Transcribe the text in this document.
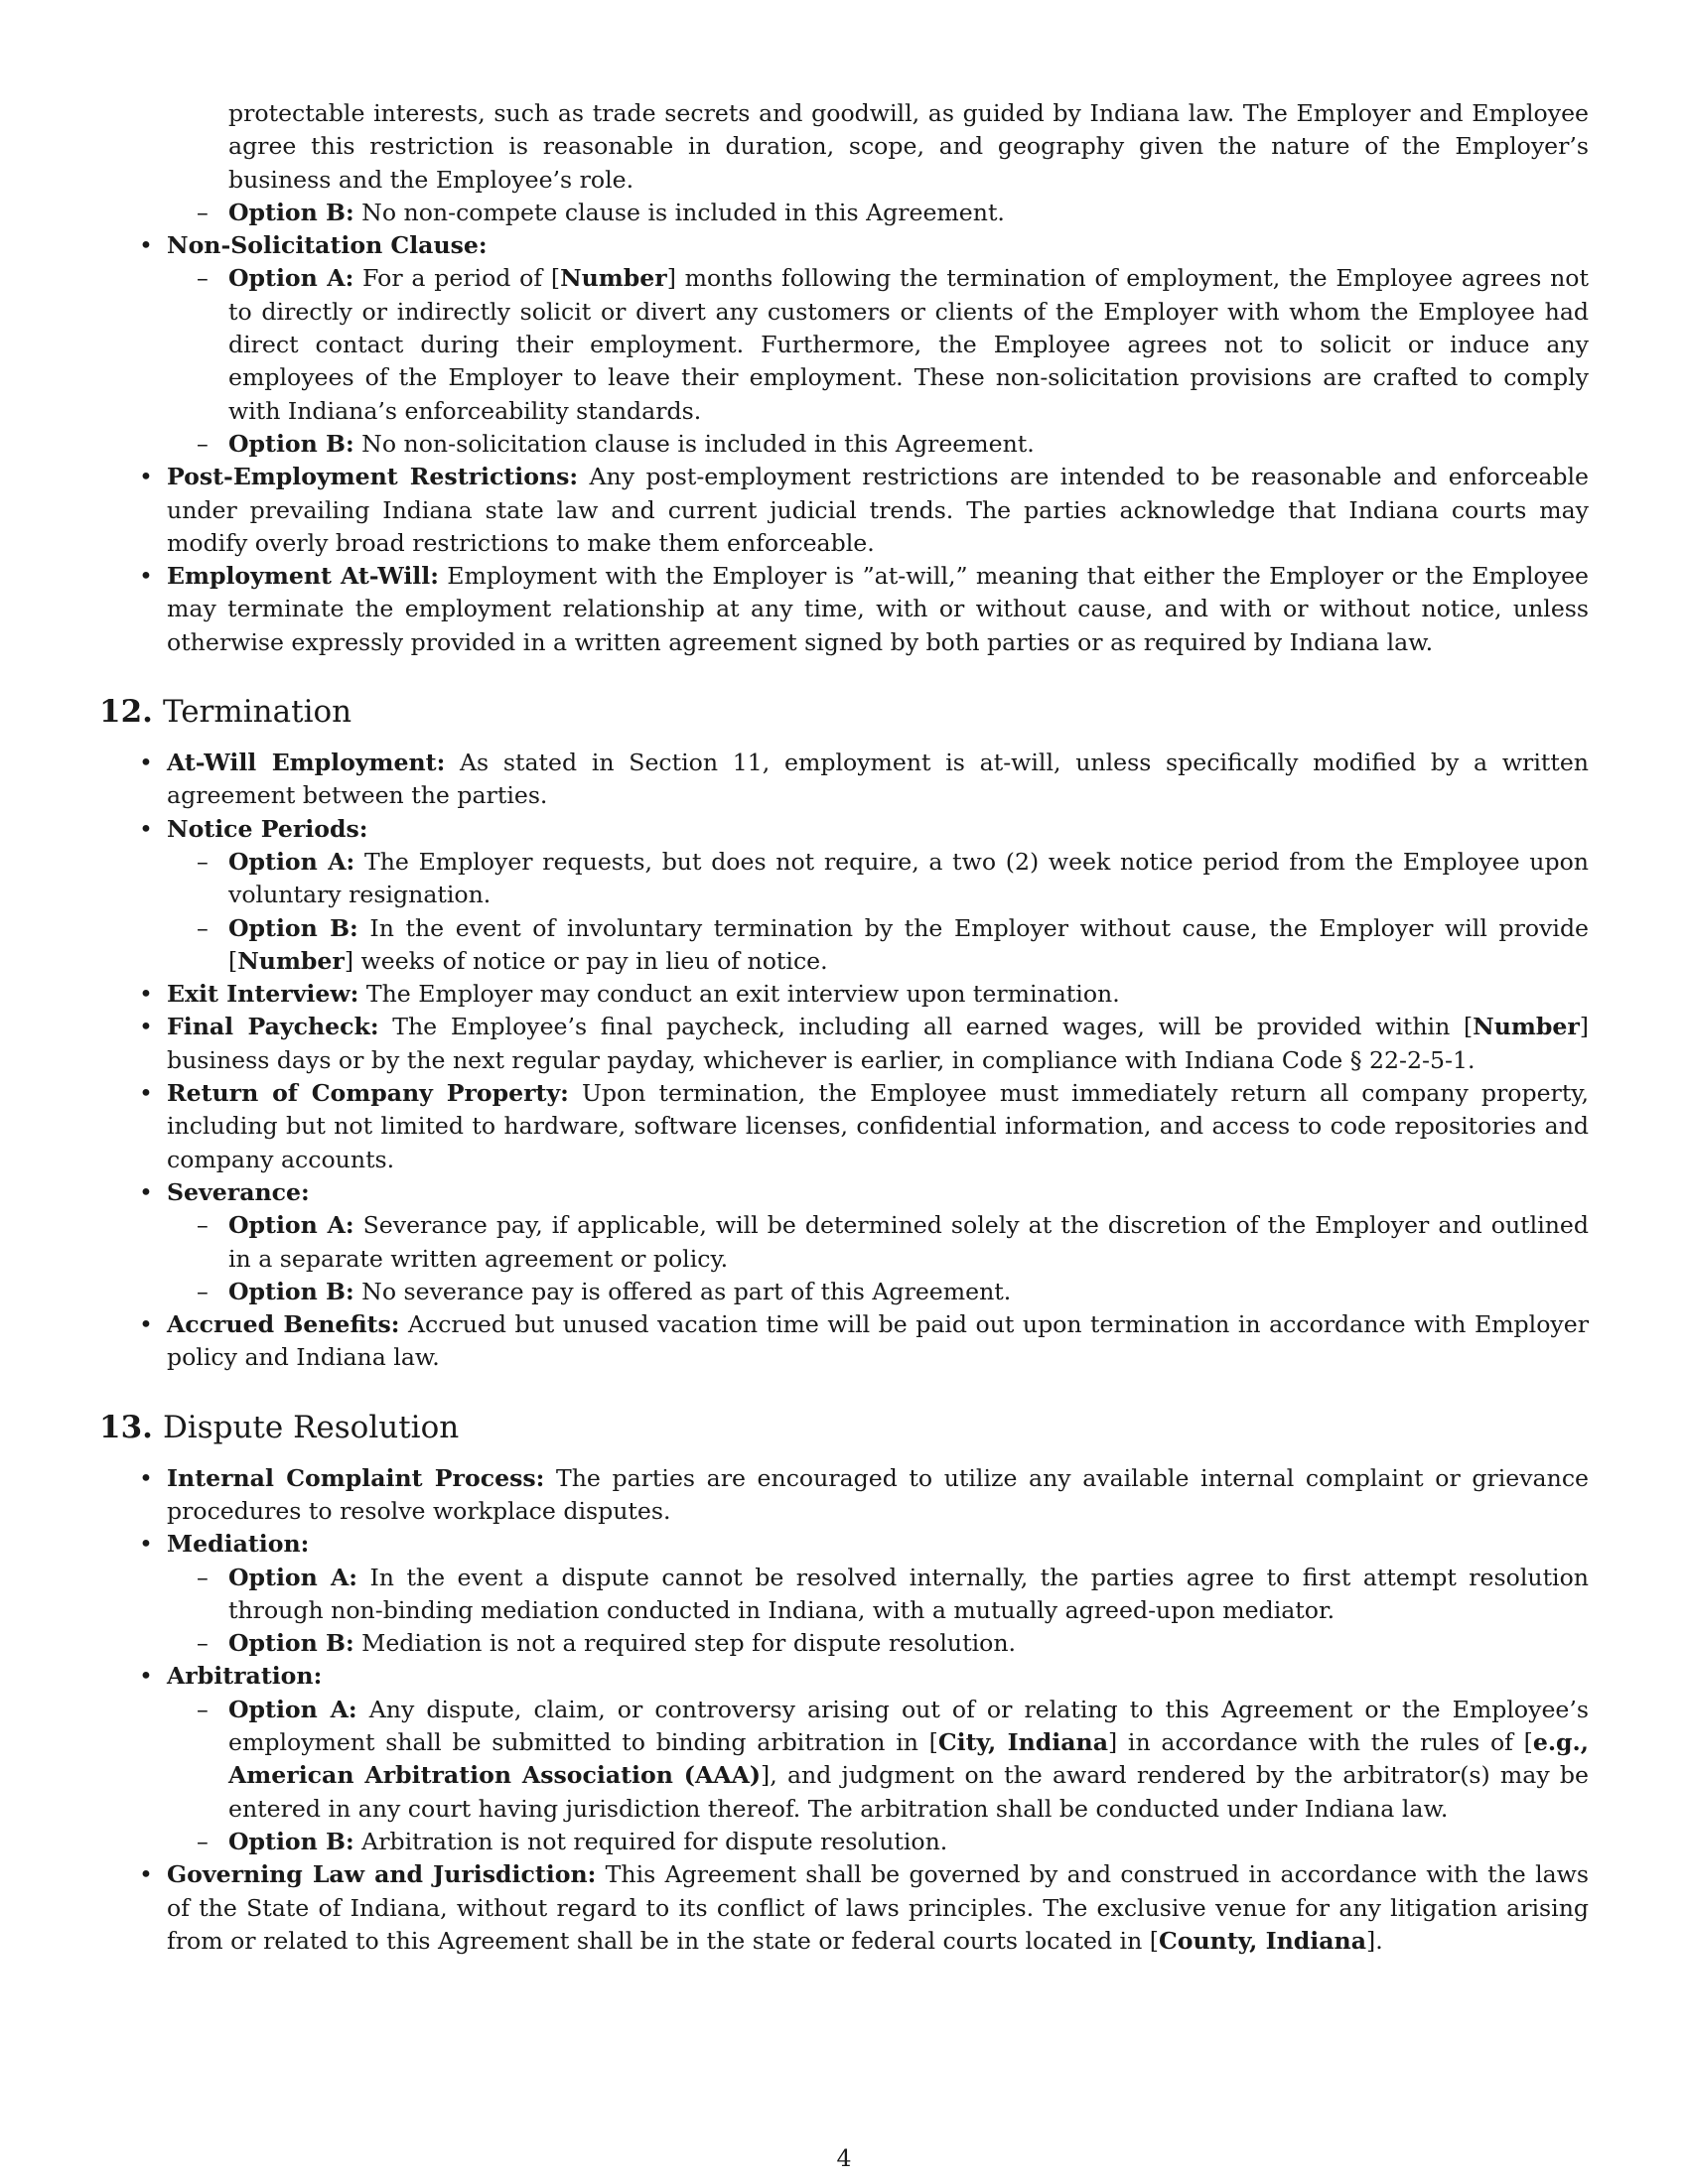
protectable interests, such as trade secrets and goodwill, as guided by Indiana law. The Employer and Employee agree this restriction is reasonable in duration, scope, and geography given the nature of the Employer’s business and the Employee’s role.
– Option B: No non-compete clause is included in this Agreement.
• Non-Solicitation Clause:
– Option A: For a period of [Number] months following the termination of employment, the Employee agrees not to directly or indirectly solicit or divert any customers or clients of the Employer with whom the Employee had direct contact during their employment. Furthermore, the Employee agrees not to solicit or induce any employees of the Employer to leave their employment. These non-solicitation provisions are crafted to comply with Indiana’s enforceability standards.
– Option B: No non-solicitation clause is included in this Agreement.
• Post-Employment Restrictions: Any post-employment restrictions are intended to be reasonable and enforceable under prevailing Indiana state law and current judicial trends. The parties acknowledge that Indiana courts may modify overly broad restrictions to make them enforceable.
• Employment At-Will: Employment with the Employer is ”at-will,” meaning that either the Employer or the Employee may terminate the employment relationship at any time, with or without cause, and with or without notice, unless otherwise expressly provided in a written agreement signed by both parties or as required by Indiana law.
12. Termination
• At-Will Employment: As stated in Section 11, employment is at-will, unless specifically modified by a written agreement between the parties.
• Notice Periods:
– Option A: The Employer requests, but does not require, a two (2) week notice period from the Employee upon voluntary resignation.
– Option B: In the event of involuntary termination by the Employer without cause, the Employer will provide [Number] weeks of notice or pay in lieu of notice.
• Exit Interview: The Employer may conduct an exit interview upon termination.
• Final Paycheck: The Employee’s final paycheck, including all earned wages, will be provided within [Number] business days or by the next regular payday, whichever is earlier, in compliance with Indiana Code § 22-2-5-1.
• Return of Company Property: Upon termination, the Employee must immediately return all company property, including but not limited to hardware, software licenses, confidential information, and access to code repositories and company accounts.
• Severance:
– Option A: Severance pay, if applicable, will be determined solely at the discretion of the Employer and outlined in a separate written agreement or policy.
– Option B: No severance pay is offered as part of this Agreement.
• Accrued Benefits: Accrued but unused vacation time will be paid out upon termination in accordance with Employer policy and Indiana law.
13. Dispute Resolution
• Internal Complaint Process: The parties are encouraged to utilize any available internal complaint or grievance procedures to resolve workplace disputes.
• Mediation:
– Option A: In the event a dispute cannot be resolved internally, the parties agree to first attempt resolution through non-binding mediation conducted in Indiana, with a mutually agreed-upon mediator.
– Option B: Mediation is not a required step for dispute resolution.
• Arbitration:
– Option A: Any dispute, claim, or controversy arising out of or relating to this Agreement or the Employee’s employment shall be submitted to binding arbitration in [City, Indiana] in accordance with the rules of [e.g., American Arbitration Association (AAA)], and judgment on the award rendered by the arbitrator(s) may be entered in any court having jurisdiction thereof. The arbitration shall be conducted under Indiana law.
– Option B: Arbitration is not required for dispute resolution.
• Governing Law and Jurisdiction: This Agreement shall be governed by and construed in accordance with the laws of the State of Indiana, without regard to its conflict of laws principles. The exclusive venue for any litigation arising from or related to this Agreement shall be in the state or federal courts located in [County, Indiana].
4
